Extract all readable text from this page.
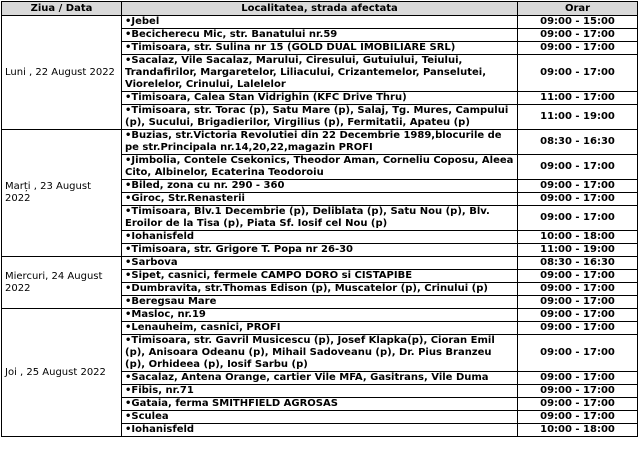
Ziua / Data	Localitatea, strada afectata	Orar
Luni , 22 August 2022	•Jebel	09:00 - 15:00
	•Becicherecu Mic, str. Banatului nr.59	09:00 - 17:00
	•Timisoara, str. Sulina nr 15 (GOLD DUAL IMOBILIARE SRL)	09:00 - 17:00
	•Sacalaz, Vile Sacalaz, Marului, Ciresului, Gutuiului, Teiului, Trandafirilor, Margaretelor, Liliacului, Crizantemelor, Panselutei, Viorelelor, Crinului, Lalelelor	09:00 - 17:00
	•Timisoara, Calea Stan Vidrighin (KFC Drive Thru)	11:00 - 17:00
	•Timisoara, str. Torac (p), Satu Mare (p), Salaj, Tg. Mures, Campului (p), Sucului, Brigadierilor, Virgilius (p), Fermitatii, Apateu (p)	11:00 - 19:00
Marți , 23 August 2022	•Buzias, str.Victoria Revolutiei din 22 Decembrie 1989,blocurile de pe str.Principala nr.14,20,22,magazin PROFI	08:30 - 16:30
	•Jimbolia, Contele Csekonics, Theodor Aman, Corneliu Coposu, Aleea Cito, Albinelor, Ecaterina Teodoroiu	09:00 - 17:00
	•Biled, zona cu nr. 290 - 360	09:00 - 17:00
	•Giroc, Str.Renasterii	09:00 - 17:00
	•Timisoara, Blv.1 Decembrie (p), Deliblata (p), Satu Nou (p), Blv. Eroilor de la Tisa (p), Piata Sf. Iosif cel Nou (p)	09:00 - 17:00
	•Iohanisfeld	10:00 - 18:00
	•Timisoara, str. Grigore T. Popa nr 26-30	11:00 - 19:00
Miercuri, 24 August 2022	•Sarbova	08:30 - 16:30
	•Sipet, casnici, fermele CAMPO DORO si CISTAPIBE	09:00 - 17:00
	•Dumbravita, str.Thomas Edison (p), Muscatelor (p), Crinului (p)	09:00 - 17:00
	•Beregsau Mare	09:00 - 17:00
Joi , 25 August 2022	•Masloc, nr.19	09:00 - 17:00
	•Lenauheim, casnici, PROFI	09:00 - 17:00
	•Timisoara, str. Gavril Musicescu (p), Josef Klapka(p), Cioran Emil (p), Anisoara Odeanu (p), Mihail Sadoveanu (p), Dr. Pius Branzeu (p), Orhideea (p), Iosif Sarbu (p)	09:00 - 17:00
	•Sacalaz, Antena Orange, cartier Vile MFA, Gasitrans, Vile Duma	09:00 - 17:00
	•Fibis, nr.71	09:00 - 17:00
	•Gataia, ferma SMITHFIELD AGROSAS	09:00 - 17:00
	•Sculea	09:00 - 17:00
	•Iohanisfeld	10:00 - 18:00
